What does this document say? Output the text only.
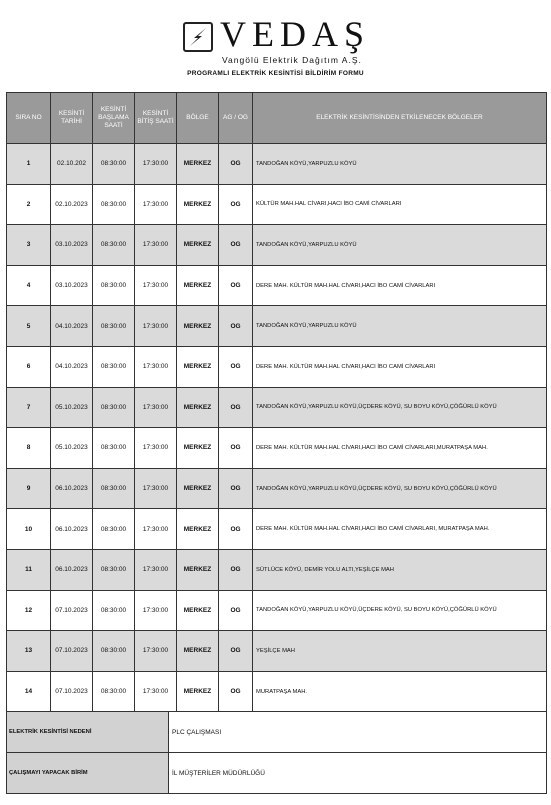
VEDAŞ
Vangölü Elektrik Dağıtım A.Ş.
PROGRAMLI ELEKTRİK KESİNTİSİ BİLDİRİM FORMU
SIRA NO	KESİNTİ TARİHİ	KESİNTİ BAŞLAMA SAATİ	KESİNTİ BİTİŞ SAATİ	BÖLGE	AG / OG	ELEKTRİK KESİNTİSİNDEN ETKİLENECEK BÖLGELER
1	02.10.202	08:30:00	17:30:00	MERKEZ	OG	TANDOĞAN KÖYÜ,YARPUZLU KÖYÜ
2	02.10.2023	08:30:00	17:30:00	MERKEZ	OG	KÜLTÜR MAH.HAL CİVARI,HACI İBO CAMİ CİVARLARI
3	03.10.2023	08:30:00	17:30:00	MERKEZ	OG	TANDOĞAN KÖYÜ,YARPUZLU KÖYÜ
4	03.10.2023	08:30:00	17:30:00	MERKEZ	OG	DERE MAH. KÜLTÜR MAH.HAL CİVARI,HACI İBO CAMİ CİVARLARI
5	04.10.2023	08:30:00	17:30:00	MERKEZ	OG	TANDOĞAN KÖYÜ,YARPUZLU KÖYÜ
6	04.10.2023	08:30:00	17:30:00	MERKEZ	OG	DERE MAH. KÜLTÜR MAH.HAL CİVARI,HACI İBO CAMİ CİVARLARI
7	05.10.2023	08:30:00	17:30:00	MERKEZ	OG	TANDOĞAN KÖYÜ,YARPUZLU KÖYÜ,ÜÇDERE KÖYÜ, SU BOYU KÖYÜ,ÇÖĞÜRLÜ KÖYÜ
8	05.10.2023	08:30:00	17:30:00	MERKEZ	OG	DERE MAH. KÜLTÜR MAH.HAL CİVARI,HACI İBO CAMİ CİVARLARI,MURATPAŞA MAH.
9	06.10.2023	08:30:00	17:30:00	MERKEZ	OG	TANDOĞAN KÖYÜ,YARPUZLU KÖYÜ,ÜÇDERE KÖYÜ, SU BOYU KÖYÜ,ÇÖĞÜRLÜ KÖYÜ
10	06.10.2023	08:30:00	17:30:00	MERKEZ	OG	DERE MAH. KÜLTÜR MAH.HAL CİVARI,HACI İBO CAMİ CİVARLARI, MURATPAŞA MAH.
11	06.10.2023	08:30:00	17:30:00	MERKEZ	OG	SÜTLÜCE KÖYÜ, DEMİR YOLU ALTI,YEŞİLÇE MAH
12	07.10.2023	08:30:00	17:30:00	MERKEZ	OG	TANDOĞAN KÖYÜ,YARPUZLU KÖYÜ,ÜÇDERE KÖYÜ, SU BOYU KÖYÜ,ÇÖĞÜRLÜ KÖYÜ
13	07.10.2023	08:30:00	17:30:00	MERKEZ	OG	YEŞİLÇE MAH
14	07.10.2023	08:30:00	17:30:00	MERKEZ	OG	MURATPAŞA MAH.
ELEKTRİK KESİNTİSİ NEDENİ	PLC ÇALIŞMASI
ÇALIŞMAYI YAPACAK BİRİM	İL MÜŞTERİLER MÜDÜRLÜĞÜ
